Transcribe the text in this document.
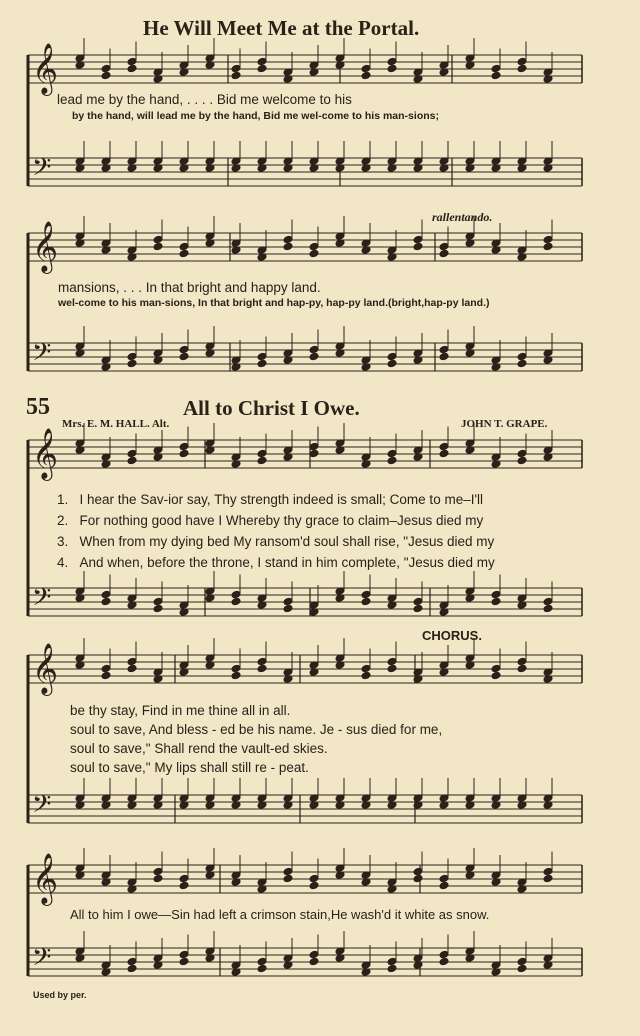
𝄞
𝄢
𝄞
𝄢
𝄞
𝄢
𝄞
𝄢
𝄞
𝄢
He Will Meet Me at the Portal.
lead me by the hand, . . . . Bid me welcome to his
by the hand, will lead me by the hand, Bid me wel-come to his man-sions;
rallentando.
mansions, . . . In that bright and happy land.
wel-come to his man-sions, In that bright and hap-py, hap-py land.(bright,hap-py land.)
55	All to Christ I Owe.
Mrs. E. M. HALL. Alt.	JOHN T. GRAPE.
1. I hear the Sav-ior say, Thy strength indeed is small; Come to me–I'll
2. For nothing good have I Whereby thy grace to claim–Jesus died my
3. When from my dying bed My ransom'd soul shall rise, "Jesus died my
4. And when, before the throne, I stand in him complete, "Jesus died my
CHORUS.
be thy stay, Find in me thine all in all.
soul to save, And bless - ed be his name. Je - sus died for me,
soul to save," Shall rend the vault-ed skies.
soul to save," My lips shall still re - peat.
All to him I owe—Sin had left a crimson stain,He wash'd it white as snow.
Used by per.
